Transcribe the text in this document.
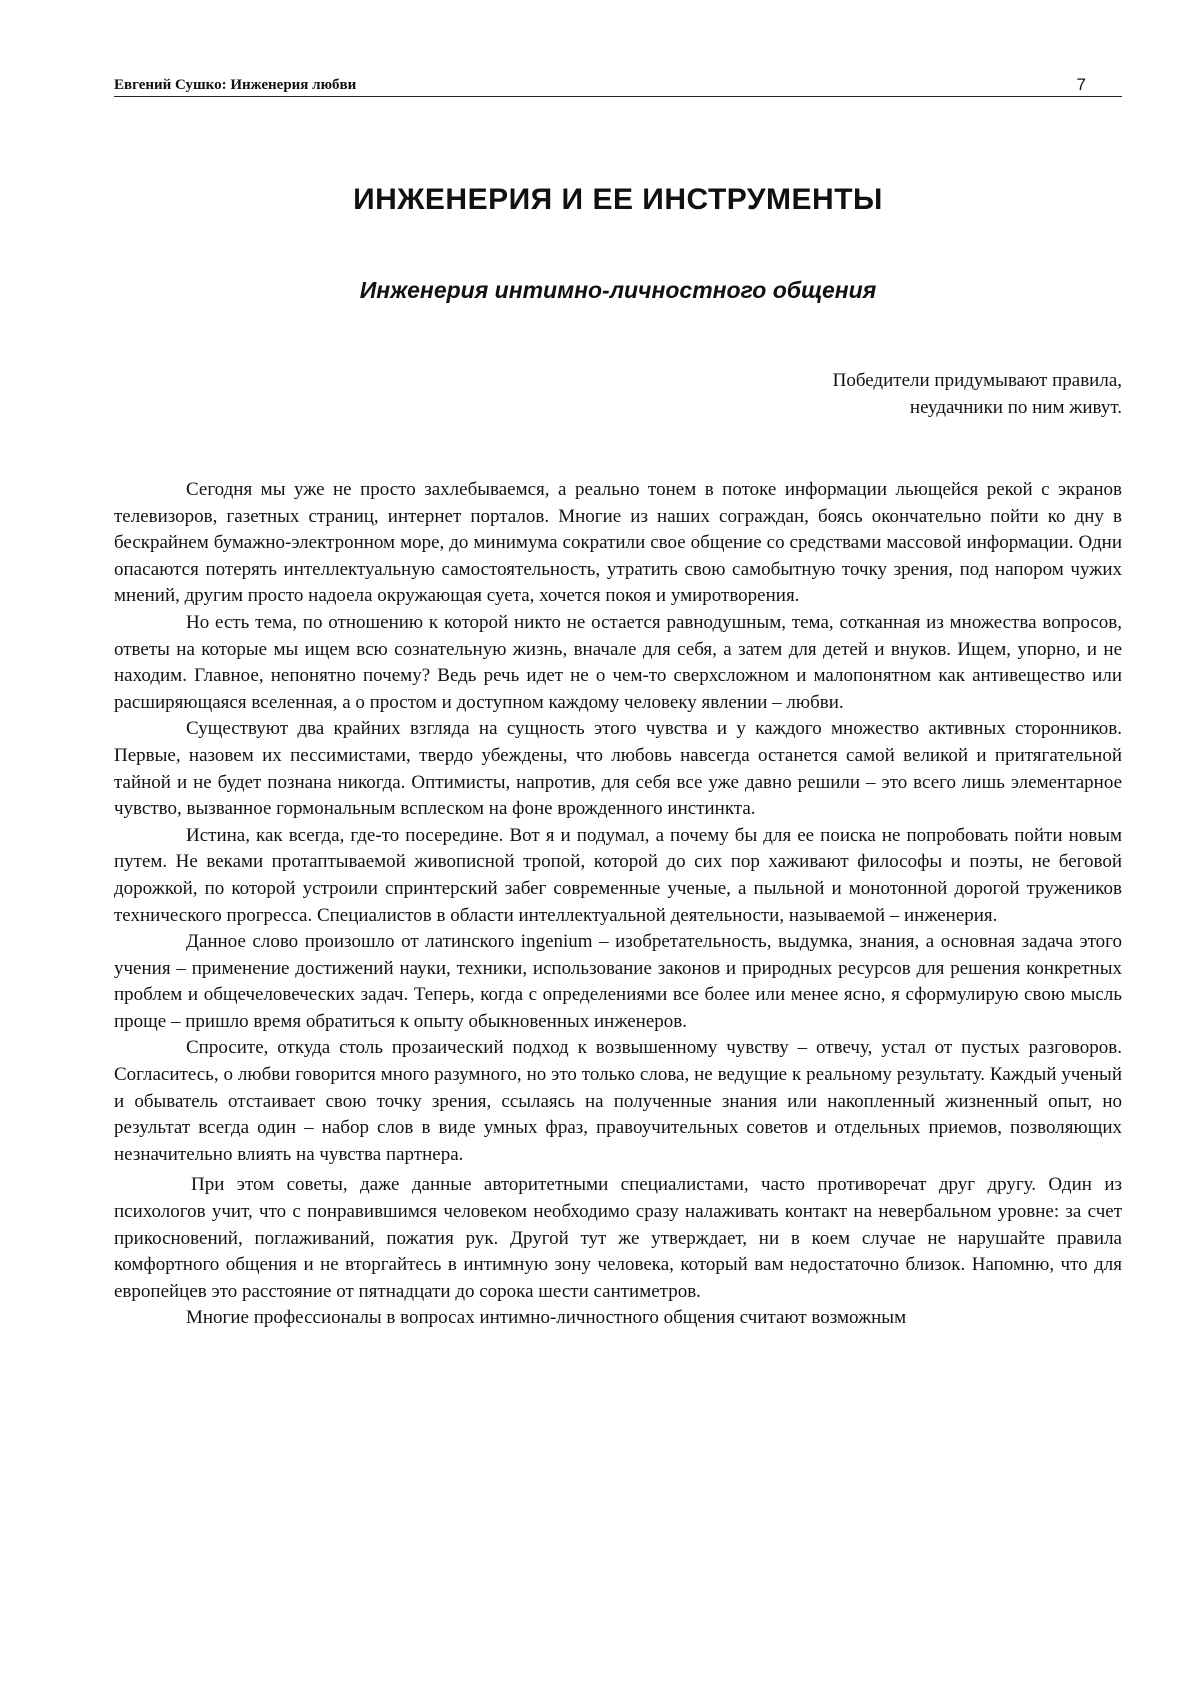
Евгений Сушко: Инженерия любви	7
ИНЖЕНЕРИЯ И ЕЕ ИНСТРУМЕНТЫ
Инженерия интимно-личностного общения
Победители придумывают правила,
неудачники по ним живут.

Сегодня мы уже не просто захлебываемся, а реально тонем в потоке информации льющейся рекой с экранов телевизоров, газетных страниц, интернет порталов. Многие из наших сограждан, боясь окончательно пойти ко дну в бескрайнем бумажно-электронном море, до минимума сократили свое общение со средствами массовой информации. Одни опасаются потерять интеллектуальную самостоятельность, утратить свою самобытную точку зрения, под напором чужих мнений, другим просто надоела окружающая суета, хочется покоя и умиротворения.

Но есть тема, по отношению к которой никто не остается равнодушным, тема, сотканная из множества вопросов, ответы на которые мы ищем всю сознательную жизнь, вначале для себя, а затем для детей и внуков. Ищем, упорно, и не находим. Главное, непонятно почему? Ведь речь идет не о чем-то сверхсложном и малопонятном как антивещество или расширяющаяся вселенная, а о простом и доступном каждому человеку явлении – любви.

Существуют два крайних взгляда на сущность этого чувства и у каждого множество активных сторонников. Первые, назовем их пессимистами, твердо убеждены, что любовь навсегда останется самой великой и притягательной тайной и не будет познана никогда. Оптимисты, напротив, для себя все уже давно решили – это всего лишь элементарное чувство, вызванное гормональным всплеском на фоне врожденного инстинкта.

Истина, как всегда, где-то посередине. Вот я и подумал, а почему бы для ее поиска не попробовать пойти новым путем. Не веками протаптываемой живописной тропой, которой до сих пор хаживают философы и поэты, не беговой дорожкой, по которой устроили спринтерский забег современные ученые, а пыльной и монотонной дорогой тружеников технического прогресса. Специалистов в области интеллектуальной деятельности, называемой – инженерия.

Данное слово произошло от латинского ingenium – изобретательность, выдумка, знания, а основная задача этого учения – применение достижений науки, техники, использование законов и природных ресурсов для решения конкретных проблем и общечеловеческих задач. Теперь, когда с определениями все более или менее ясно, я сформулирую свою мысль проще – пришло время обратиться к опыту обыкновенных инженеров.

Спросите, откуда столь прозаический подход к возвышенному чувству – отвечу, устал от пустых разговоров. Согласитесь, о любви говорится много разумного, но это только слова, не ведущие к реальному результату. Каждый ученый и обыватель отстаивает свою точку зрения, ссылаясь на полученные знания или накопленный жизненный опыт, но результат всегда один – набор слов в виде умных фраз, правоучительных советов и отдельных приемов, позволяющих незначительно влиять на чувства партнера.

При этом советы, даже данные авторитетными специалистами, часто противоречат друг другу. Один из психологов учит, что с понравившимся человеком необходимо сразу налаживать контакт на невербальном уровне: за счет прикосновений, поглаживаний, пожатия рук. Другой тут же утверждает, ни в коем случае не нарушайте правила комфортного общения и не вторгайтесь в интимную зону человека, который вам недостаточно близок. Напомню, что для европейцев это расстояние от пятнадцати до сорока шести сантиметров.

Многие профессионалы в вопросах интимно-личностного общения считают возможным
